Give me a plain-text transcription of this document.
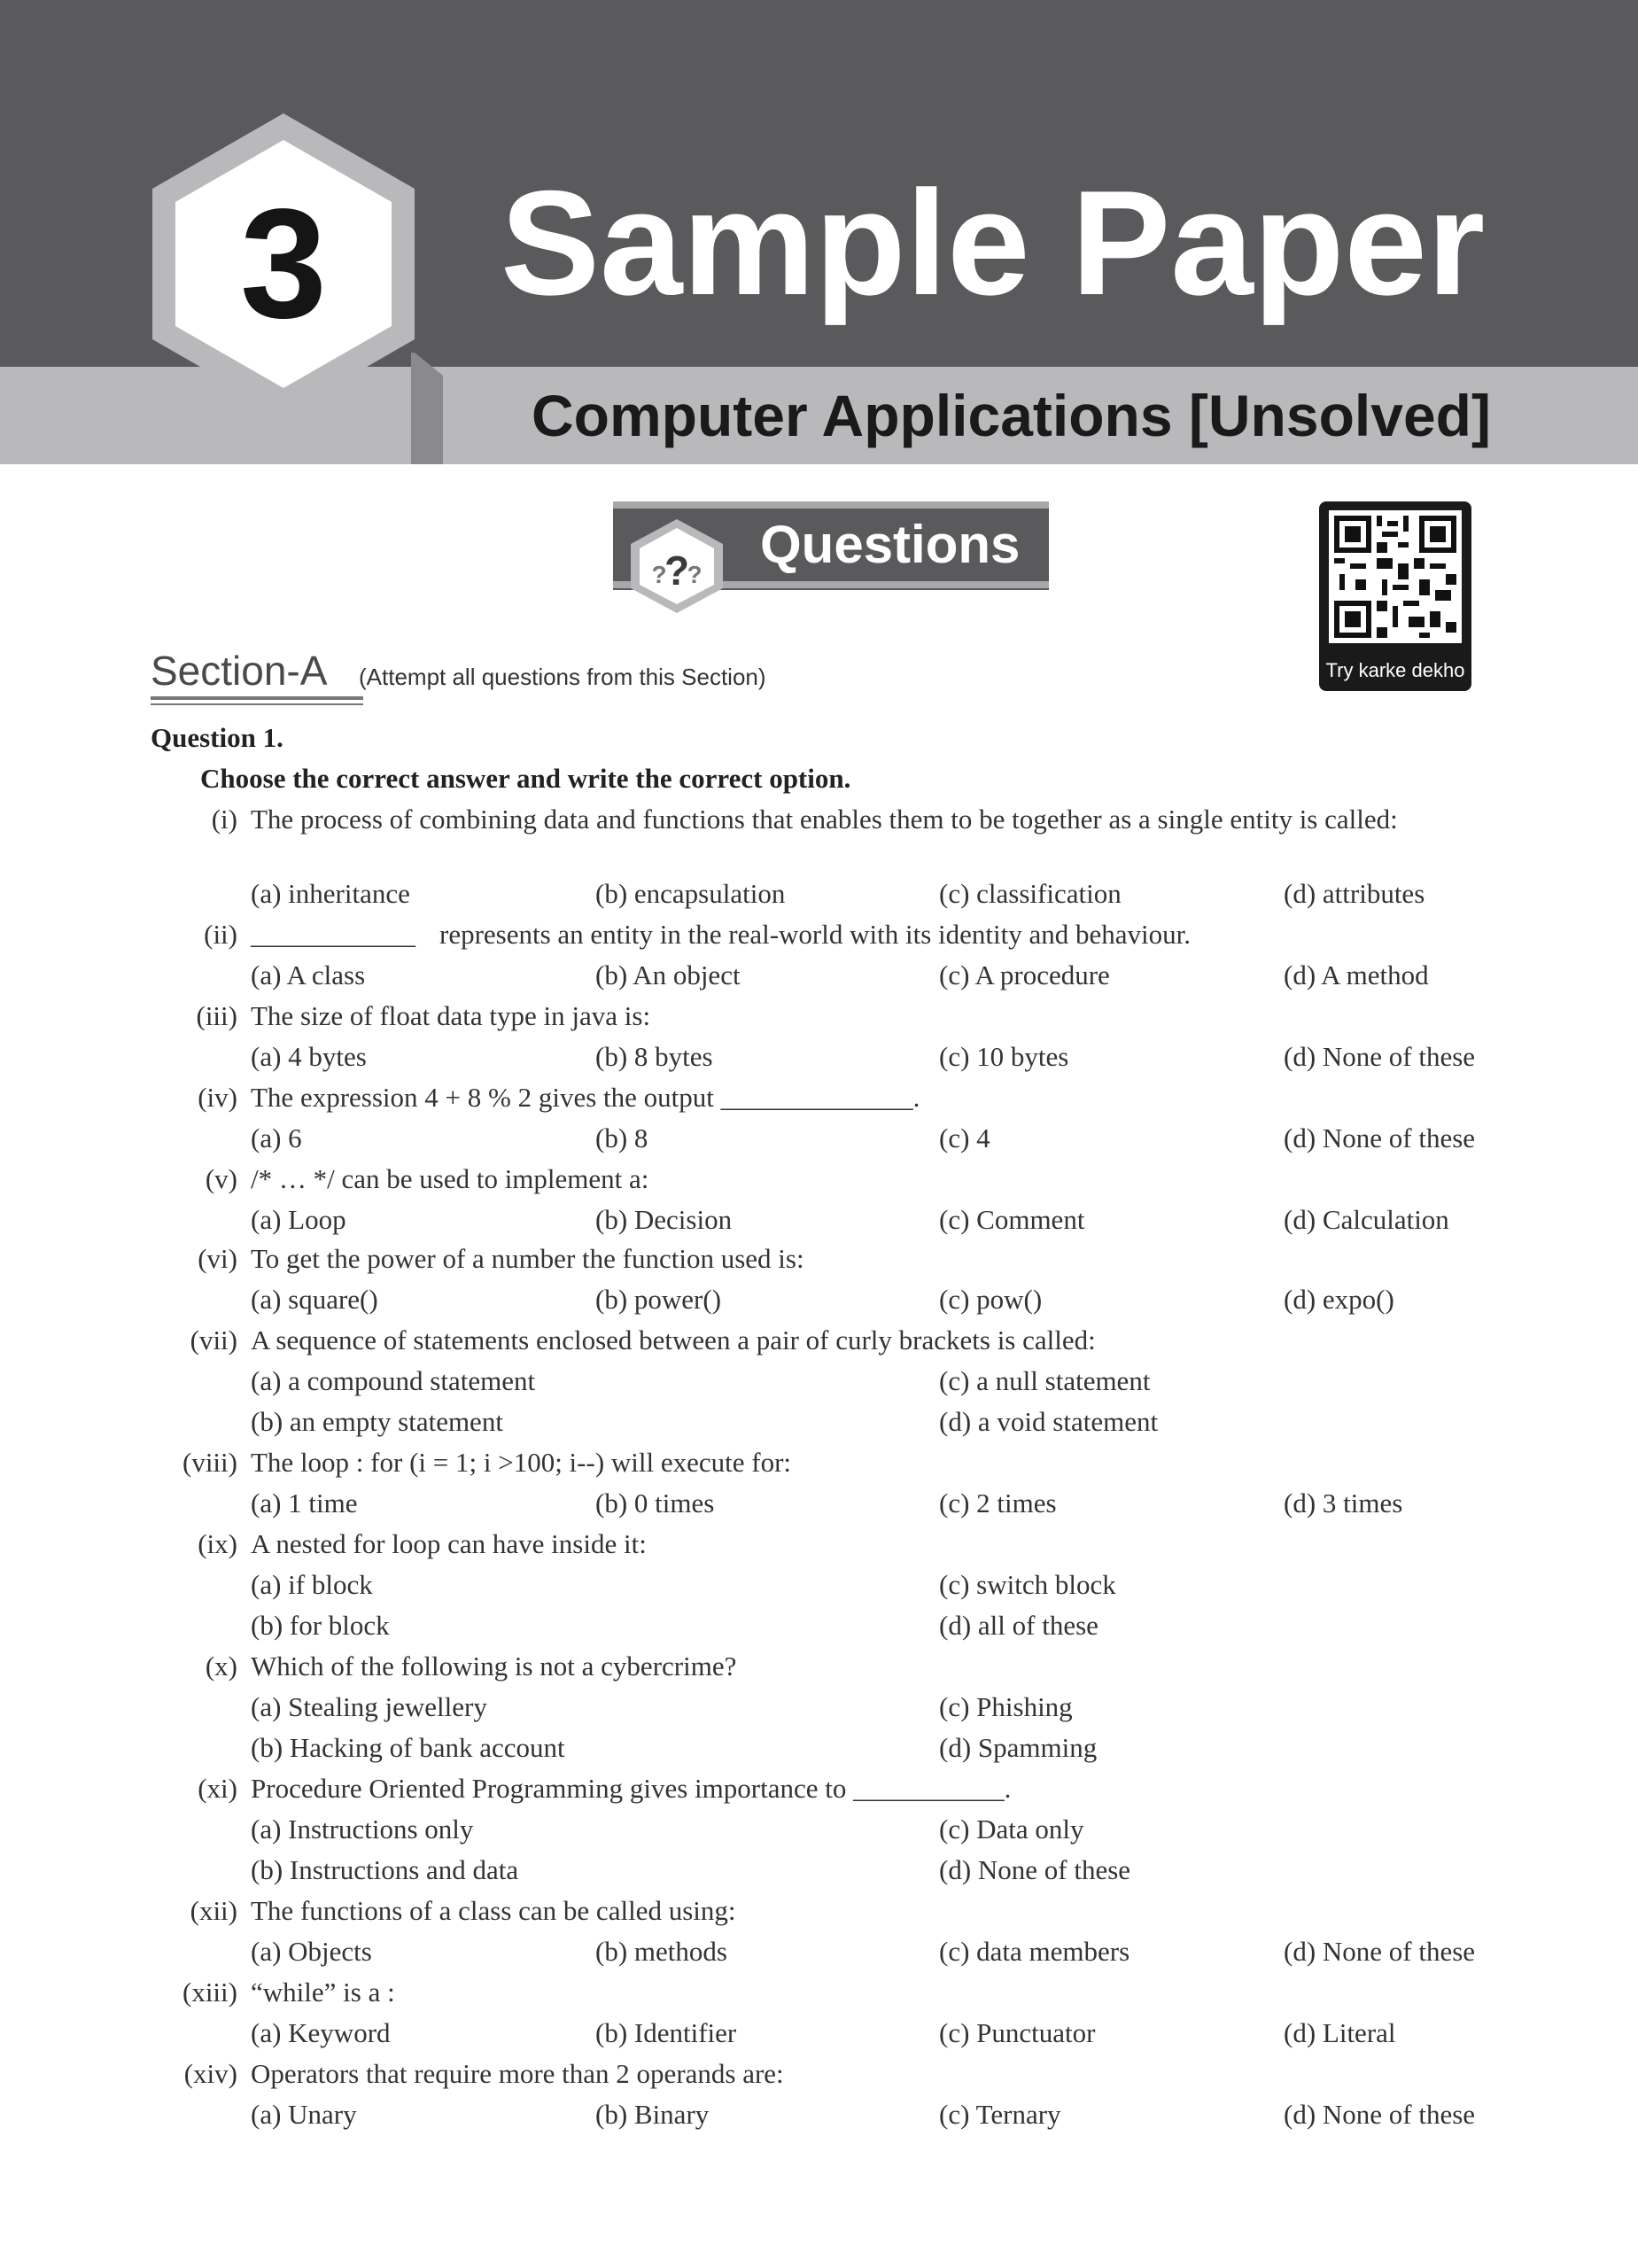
3	Sample Paper
Computer Applications [Unsolved]
?
? ?
Questions
Try karke dekho
Section-A (Attempt all questions from this Section)
Question 1.
Choose the correct answer and write the correct option.
(i) The process of combining data and functions that enables them to be together as a single entity is called:
(a) inheritance	(b) encapsulation	(c) classification	(d) attributes
(ii) ____________ represents an entity in the real-world with its identity and behaviour.
(a) A class	(b) An object	(c) A procedure	(d) A method
(iii) The size of float data type in java is:
(a) 4 bytes	(b) 8 bytes	(c) 10 bytes	(d) None of these
(iv) The expression 4 + 8 % 2 gives the output ______________.
(a) 6	(b) 8	(c) 4	(d) None of these
(v) /* … */ can be used to implement a:
(a) Loop	(b) Decision	(c) Comment	(d) Calculation
(vi) To get the power of a number the function used is:
(a) square()	(b) power()	(c) pow()	(d) expo()
(vii) A sequence of statements enclosed between a pair of curly brackets is called:
(a) a compound statement	(c) a null statement
(b) an empty statement	(d) a void statement
(viii) The loop : for (i = 1; i >100; i--) will execute for:
(a) 1 time	(b) 0 times	(c) 2 times	(d) 3 times
(ix) A nested for loop can have inside it:
(a) if block	(c) switch block
(b) for block	(d) all of these
(x) Which of the following is not a cybercrime?
(a) Stealing jewellery	(c) Phishing
(b) Hacking of bank account	(d) Spamming
(xi) Procedure Oriented Programming gives importance to ___________.
(a) Instructions only	(c) Data only
(b) Instructions and data	(d) None of these
(xii) The functions of a class can be called using:
(a) Objects	(b) methods	(c) data members	(d) None of these
(xiii) “while” is a :
(a) Keyword	(b) Identifier	(c) Punctuator	(d) Literal
(xiv) Operators that require more than 2 operands are:
(a) Unary	(b) Binary	(c) Ternary	(d) None of these
